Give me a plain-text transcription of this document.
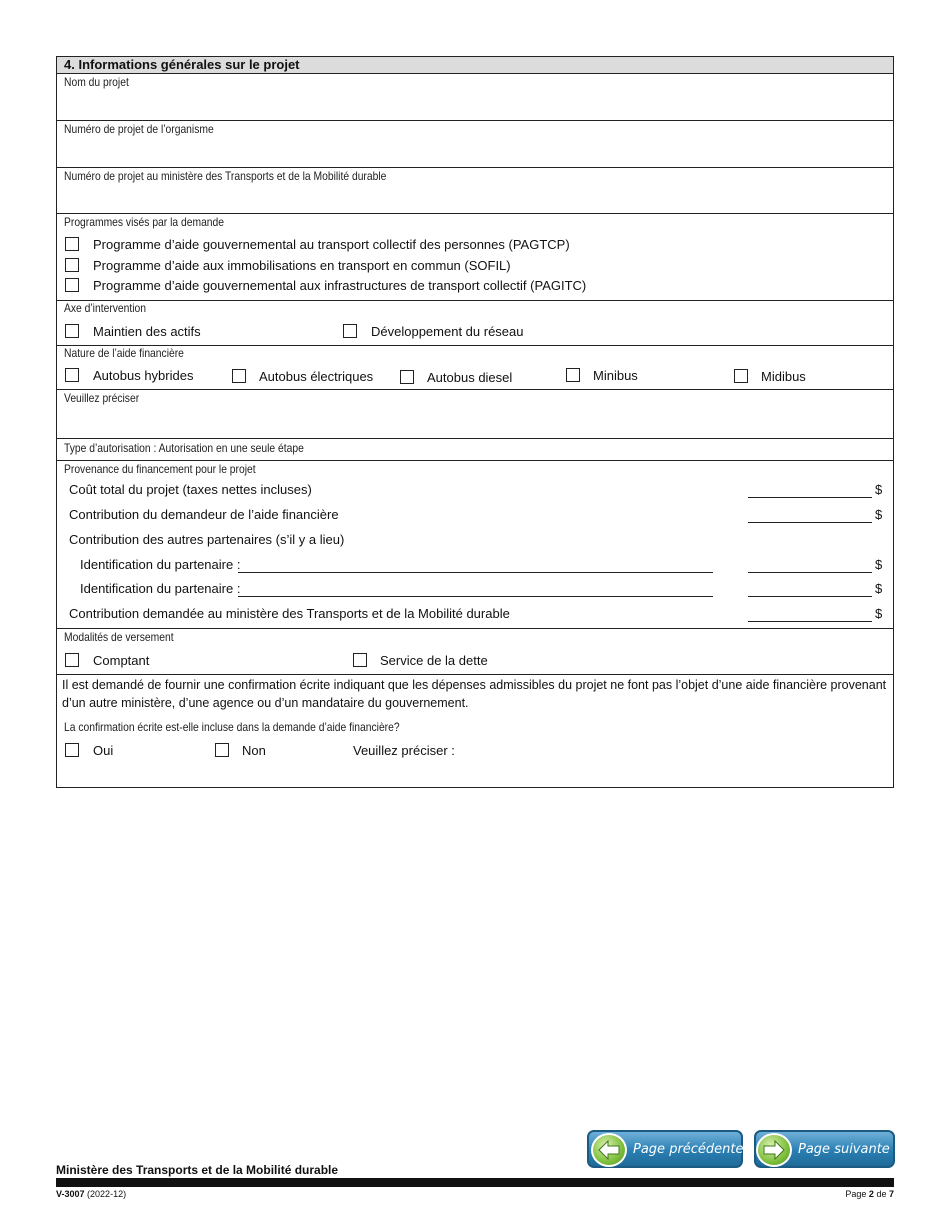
4. Informations générales sur le projet
Nom du projet
Numéro de projet de l’organisme
Numéro de projet au ministère des Transports et de la Mobilité durable
Programmes visés par la demande
Programme d’aide gouvernemental au transport collectif des personnes (PAGTCP)
Programme d’aide aux immobilisations en transport en commun (SOFIL)
Programme d’aide gouvernemental aux infrastructures de transport collectif (PAGITC)
Axe d’intervention
Maintien des actifs	Développement du réseau
Nature de l’aide financière
Autobus hybrides	Autobus électriques	Autobus diesel	Minibus	Midibus
Veuillez préciser
Type d’autorisation : Autorisation en une seule étape
Provenance du financement pour le projet
Coût total du projet (taxes nettes incluses)	$
Contribution du demandeur de l’aide financière	$
Contribution des autres partenaires (s’il y a lieu)
Identification du partenaire :	$
Identification du partenaire :	$
Contribution demandée au ministère des Transports et de la Mobilité durable	$
Modalités de versement
Comptant	Service de la dette
Il est demandé de fournir une confirmation écrite indiquant que les dépenses admissibles du projet ne font pas l’objet d’une aide financière provenant
d’un autre ministère, d’une agence ou d’un mandataire du gouvernement.
La confirmation écrite est-elle incluse dans la demande d’aide financière?
Oui	Non	Veuillez préciser :
Page précédente	Page suivante
Ministère des Transports et de la Mobilité durable
V-3007 (2022-12)	Page 2 de 7
